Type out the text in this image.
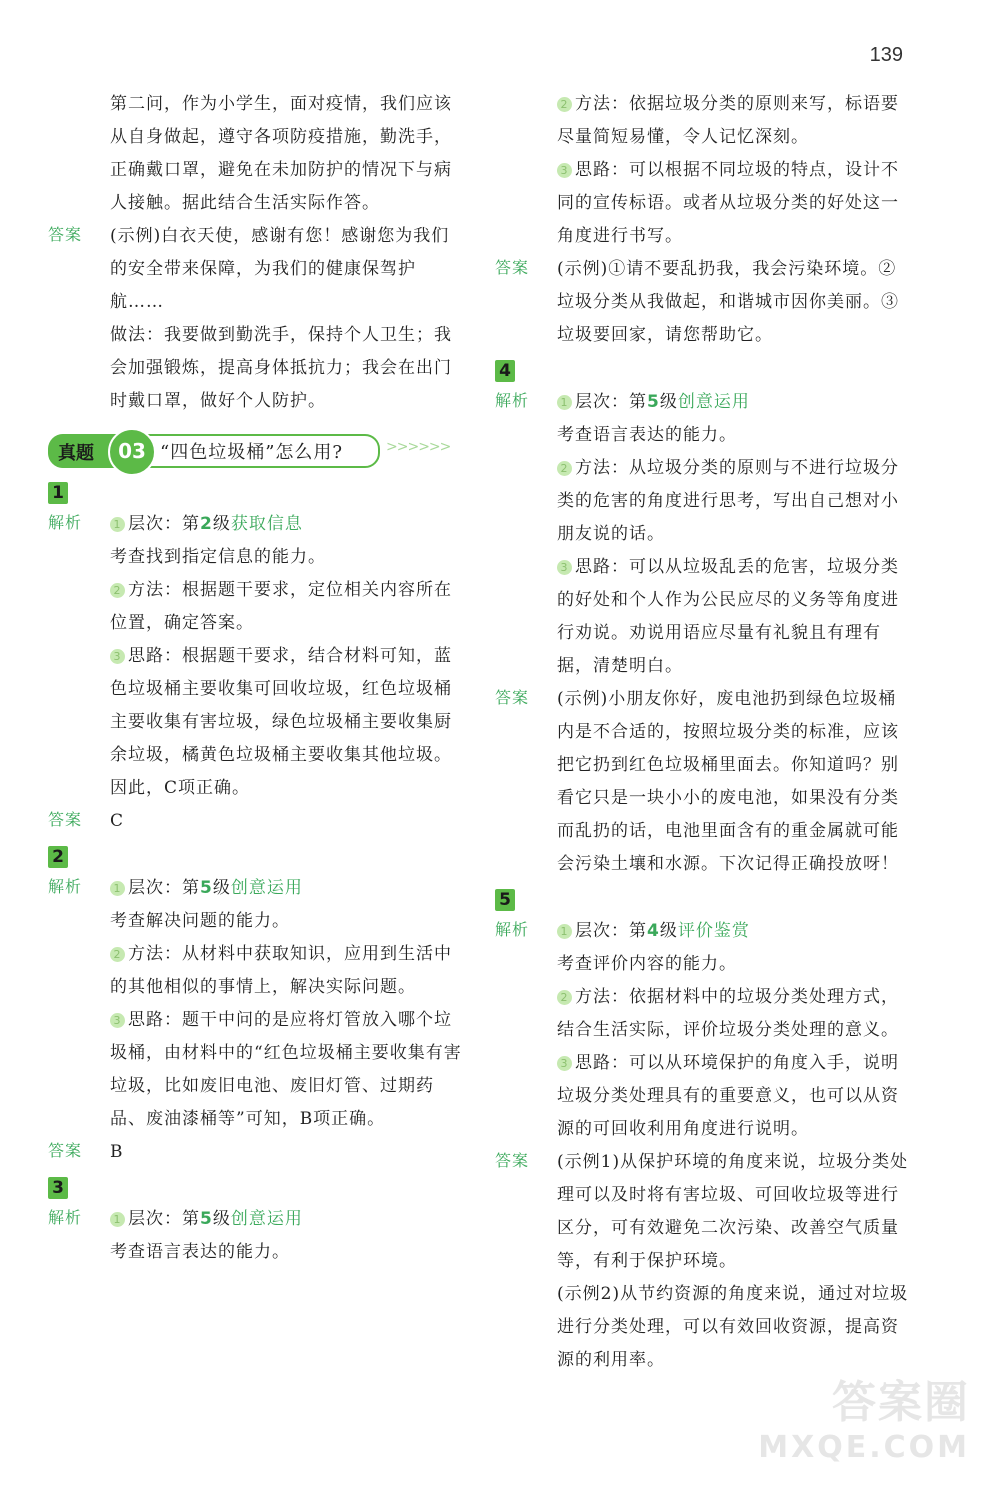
139
第二问，作为小学生，面对疫情，我们应该从自身做起，遵守各项防疫措施，勤洗手，正确戴口罩，避免在未加防护的情况下与病人接触。据此结合生活实际作答。
答案	(示例)白衣天使，感谢有您！感谢您为我们的安全带来保障，为我们的健康保驾护航……
做法：我要做到勤洗手，保持个人卫生；我会加强锻炼，提高身体抵抗力；我会在出门时戴口罩，做好个人防护。
真题	03 “四色垃圾桶”怎么用?	>>>>>>
1
解析	1 层次：第2级获取信息
考查找到指定信息的能力。
2 方法：根据题干要求，定位相关内容所在位置，确定答案。
3 思路：根据题干要求，结合材料可知，蓝色垃圾桶主要收集可回收垃圾，红色垃圾桶主要收集有害垃圾，绿色垃圾桶主要收集厨余垃圾，橘黄色垃圾桶主要收集其他垃圾。因此，C项正确。
答案	C
2
解析	1 层次：第5级创意运用
考查解决问题的能力。
2 方法：从材料中获取知识，应用到生活中的其他相似的事情上，解决实际问题。
3 思路：题干中问的是应将灯管放入哪个垃圾桶，由材料中的“红色垃圾桶主要收集有害垃圾，比如废旧电池、废旧灯管、过期药品、废油漆桶等”可知，B项正确。
答案	B
3
解析	1 层次：第5级创意运用
考查语言表达的能力。
2 方法：依据垃圾分类的原则来写，标语要尽量简短易懂，令人记忆深刻。
3 思路：可以根据不同垃圾的特点，设计不同的宣传标语。或者从垃圾分类的好处这一角度进行书写。
答案	(示例)①请不要乱扔我，我会污染环境。②垃圾分类从我做起，和谐城市因你美丽。③垃圾要回家，请您帮助它。
4
解析	1 层次：第5级创意运用
考查语言表达的能力。
2 方法：从垃圾分类的原则与不进行垃圾分类的危害的角度进行思考，写出自己想对小朋友说的话。
3 思路：可以从垃圾乱丢的危害，垃圾分类的好处和个人作为公民应尽的义务等角度进行劝说。劝说用语应尽量有礼貌且有理有据，清楚明白。
答案	(示例)小朋友你好，废电池扔到绿色垃圾桶内是不合适的，按照垃圾分类的标准，应该把它扔到红色垃圾桶里面去。你知道吗？别看它只是一块小小的废电池，如果没有分类而乱扔的话，电池里面含有的重金属就可能会污染土壤和水源。下次记得正确投放呀！
5
解析	1 层次：第4级评价鉴赏
考查评价内容的能力。
2 方法：依据材料中的垃圾分类处理方式，结合生活实际，评价垃圾分类处理的意义。
3 思路：可以从环境保护的角度入手，说明垃圾分类处理具有的重要意义，也可以从资源的可回收利用角度进行说明。
答案	(示例1)从保护环境的角度来说，垃圾分类处理可以及时将有害垃圾、可回收垃圾等进行区分，可有效避免二次污染、改善空气质量等，有利于保护环境。
(示例2)从节约资源的角度来说，通过对垃圾进行分类处理，可以有效回收资源，提高资源的利用率。
答案圈
MXQE.COM
